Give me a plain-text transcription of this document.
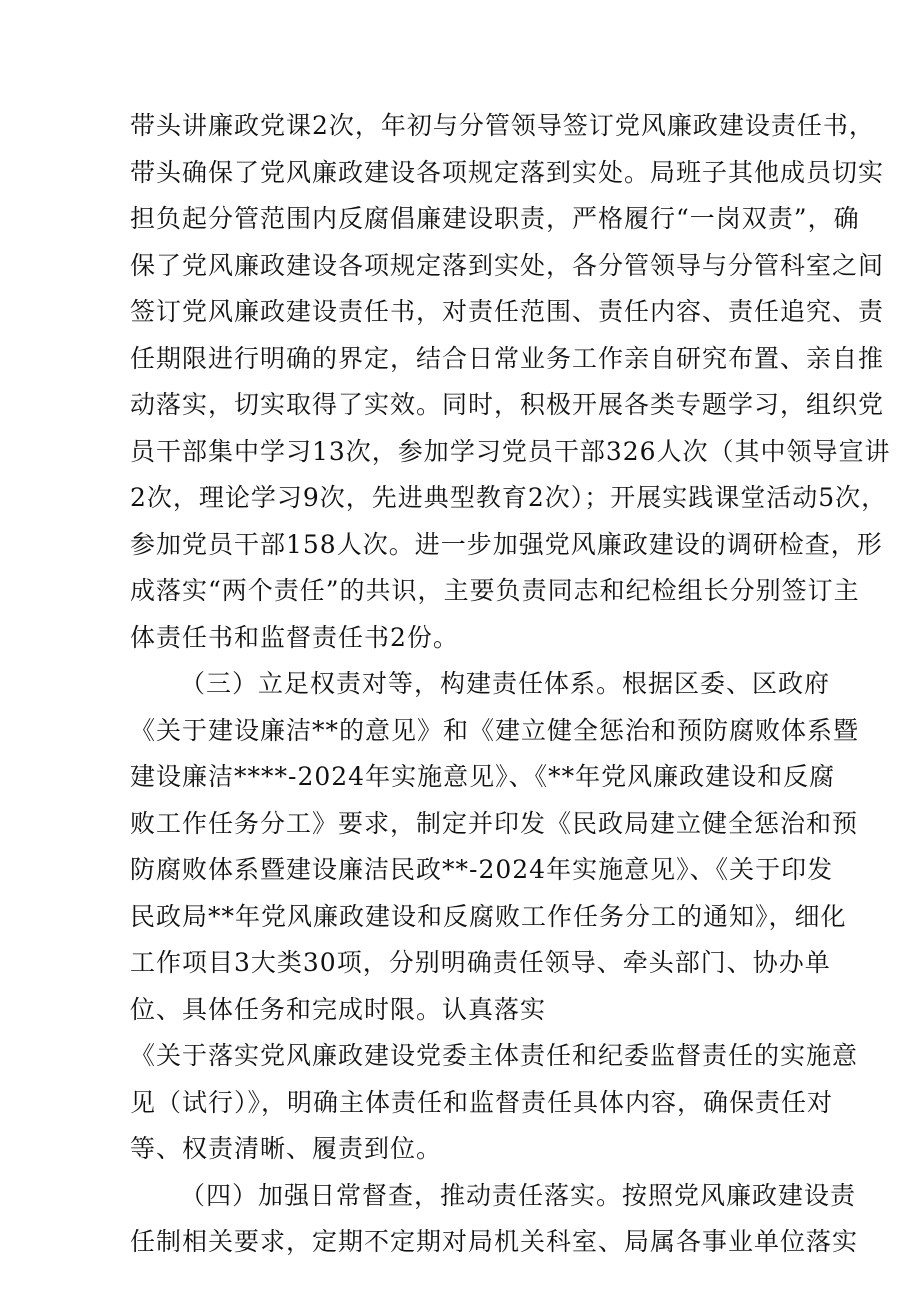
带头讲廉政党课2次，年初与分管领导签订党风廉政建设责任书，
带头确保了党风廉政建设各项规定落到实处。局班子其他成员切实
担负起分管范围内反腐倡廉建设职责，严格履行“一岗双责”，确
保了党风廉政建设各项规定落到实处，各分管领导与分管科室之间
签订党风廉政建设责任书，对责任范围、责任内容、责任追究、责
任期限进行明确的界定，结合日常业务工作亲自研究布置、亲自推
动落实，切实取得了实效。同时，积极开展各类专题学习，组织党
员干部集中学习13次，参加学习党员干部326人次（其中领导宣讲
2次，理论学习9次，先进典型教育2次）；开展实践课堂活动5次，
参加党员干部158人次。进一步加强党风廉政建设的调研检查，形
成落实“两个责任”的共识，主要负责同志和纪检组长分别签订主
体责任书和监督责任书2份。
（三）立足权责对等，构建责任体系。根据区委、区政府
《关于建设廉洁**的意见》和《建立健全惩治和预防腐败体系暨
建设廉洁****-2024年实施意见》、《**年党风廉政建设和反腐
败工作任务分工》要求，制定并印发《民政局建立健全惩治和预
防腐败体系暨建设廉洁民政**-2024年实施意见》、《关于印发
民政局**年党风廉政建设和反腐败工作任务分工的通知》，细化
工作项目3大类30项，分别明确责任领导、牵头部门、协办单
位、具体任务和完成时限。认真落实
《关于落实党风廉政建设党委主体责任和纪委监督责任的实施意
见（试行）》，明确主体责任和监督责任具体内容，确保责任对
等、权责清晰、履责到位。
（四）加强日常督查，推动责任落实。按照党风廉政建设责
任制相关要求，定期不定期对局机关科室、局属各事业单位落实
